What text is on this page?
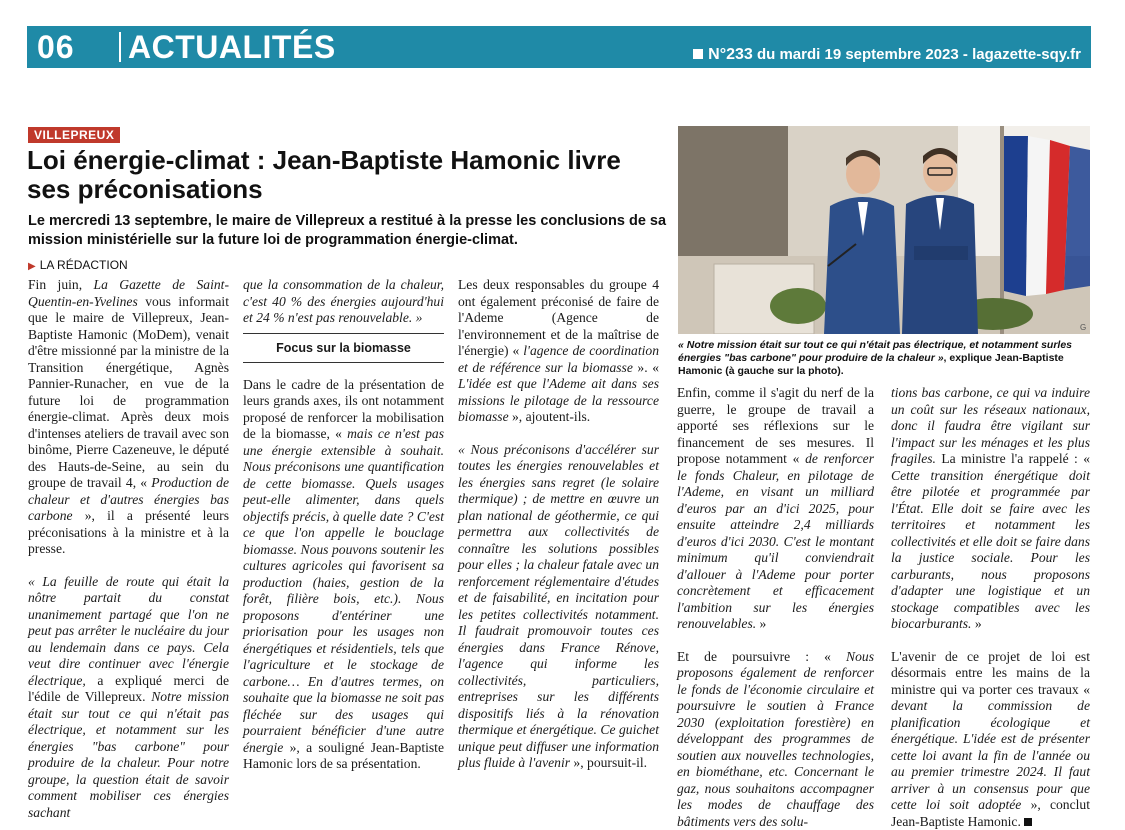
06 ACTUALITÉS	N°233 du mardi 19 septembre 2023 - lagazette-sqy.fr
VILLEPREUX
Loi énergie-climat : Jean-Baptiste Hamonic livre ses préconisations

Le mercredi 13 septembre, le maire de Villepreux a restitué à la presse les conclusions de sa mission ministérielle sur la future loi de programmation énergie-climat.

▶ LA RÉDACTION

Fin juin, La Gazette de Saint-Quentin-en-Yvelines vous informait que le maire de Villepreux, Jean-Baptiste Hamonic (MoDem), venait d'être missionné par la ministre de la Transition énergétique, Agnès Pannier-Runacher, en vue de la future loi de programmation énergie-climat. Après deux mois d'intenses ateliers de travail avec son binôme, Pierre Cazeneuve, le député des Hauts-de-Seine, au sein du groupe de travail 4, « Production de chaleur et d'autres énergies bas carbone », il a présenté leurs préconisations à la ministre et à la presse.

« La feuille de route qui était la nôtre partait du constat unanimement partagé que l'on ne peut pas arrêter le nucléaire du jour au lendemain dans ce pays. Cela veut dire continuer avec l'énergie électrique, a expliqué merci de l'édile de Villepreux. Notre mission était sur tout ce qui n'était pas électrique, et notamment sur les énergies "bas carbone" pour produire de la chaleur. Pour notre groupe, la question était de savoir comment mobiliser ces énergies sachant

que la consommation de la chaleur, c'est 40 % des énergies aujourd'hui et 24 % n'est pas renouvelable. »

Focus sur la biomasse

Dans le cadre de la présentation de leurs grands axes, ils ont notamment proposé de renforcer la mobilisation de la biomasse, « mais ce n'est pas une énergie extensible à souhait. Nous préconisons une quantification de cette biomasse. Quels usages peut-elle alimenter, dans quels objectifs précis, à quelle date ? C'est ce que l'on appelle le bouclage biomasse. Nous pouvons soutenir les cultures agricoles qui favorisent sa production (haies, gestion de la forêt, filière bois, etc.). Nous proposons d'entériner une priorisation pour les usages non énergétiques et résidentiels, tels que l'agriculture et le stockage de carbone… En d'autres termes, on souhaite que la biomasse ne soit pas fléchée sur des usages qui pourraient bénéficier d'une autre énergie », a souligné Jean-Baptiste Hamonic lors de sa présentation.

Les deux responsables du groupe 4 ont également préconisé de faire de l'Ademe (Agence de l'environnement et de la maîtrise de l'énergie) « l'agence de coordination et de référence sur la biomasse ». « L'idée est que l'Ademe ait dans ses missions le pilotage de la ressource biomasse », ajoutent-ils.

« Nous préconisons d'accélérer sur toutes les énergies renouvelables et les énergies sans regret (le solaire thermique) ; de mettre en œuvre un plan national de géothermie, ce qui permettra aux collectivités de connaître les solutions possibles pour elles ; la chaleur fatale avec un renforcement réglementaire d'études et de faisabilité, en incitation pour les petites collectivités notamment. Il faudrait promouvoir toutes ces énergies dans France Rénove, l'agence qui informe les collectivités, particuliers, entreprises sur les différents dispositifs liés à la rénovation thermique et énergétique. Ce guichet unique peut diffuser une information plus fluide à l'avenir », poursuit-il.

G
« Notre mission était sur tout ce qui n'était pas électrique, et notamment surles énergies "bas carbone" pour produire de la chaleur », explique Jean-Baptiste Hamonic (à gauche sur la photo).

Enfin, comme il s'agit du nerf de la guerre, le groupe de travail a apporté ses réflexions sur le financement de ses mesures. Il propose notamment « de renforcer le fonds Chaleur, en pilotage de l'Ademe, en visant un milliard d'euros par an d'ici 2025, pour ensuite atteindre 2,4 milliards d'euros d'ici 2030. C'est le montant minimum qu'il conviendrait d'allouer à l'Ademe pour porter concrètement et efficacement l'ambition sur les énergies renouvelables. »

Et de poursuivre : « Nous proposons également de renforcer le fonds de l'économie circulaire et poursuivre le soutien à France 2030 (exploitation forestière) en développant des programmes de soutien aux nouvelles technologies, en biométhane, etc. Concernant le gaz, nous souhaitons accompagner les modes de chauffage des bâtiments vers des solu-

tions bas carbone, ce qui va induire un coût sur les réseaux nationaux, donc il faudra être vigilant sur l'impact sur les ménages et les plus fragiles. La ministre l'a rappelé : « Cette transition énergétique doit être pilotée et programmée par l'État. Elle doit se faire avec les territoires et notamment les collectivités et elle doit se faire dans la justice sociale. Pour les carburants, nous proposons d'adapter une logistique et un stockage compatibles avec les biocarburants. »

L'avenir de ce projet de loi est désormais entre les mains de la ministre qui va porter ces travaux « devant la commission de planification écologique et énergétique. L'idée est de présenter cette loi avant la fin de l'année ou au premier trimestre 2024. Il faut arriver à un consensus pour que cette loi soit adoptée », conclut Jean-Baptiste Hamonic.
